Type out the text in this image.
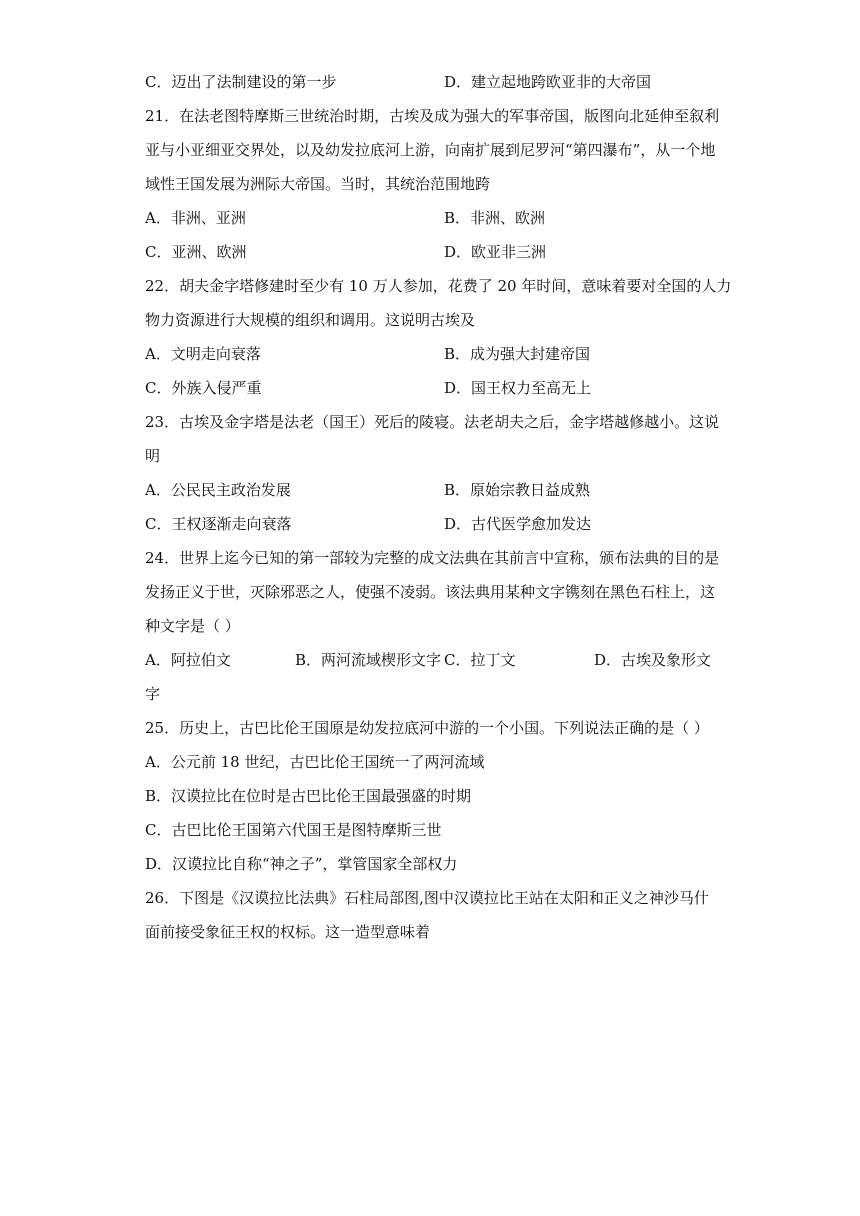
C．迈出了法制建设的第一步	D．建立起地跨欧亚非的大帝国
21．在法老图特摩斯三世统治时期，古埃及成为强大的军事帝国，版图向北延伸至叙利
亚与小亚细亚交界处，以及幼发拉底河上游，向南扩展到尼罗河“第四瀑布”，从一个地
域性王国发展为洲际大帝国。当时，其统治范围地跨
A．非洲、亚洲	B．非洲、欧洲
C．亚洲、欧洲	D．欧亚非三洲
22．胡夫金字塔修建时至少有 10 万人参加，花费了 20 年时间，意味着要对全国的人力
物力资源进行大规模的组织和调用。这说明古埃及
A．文明走向衰落	B．成为强大封建帝国
C．外族入侵严重	D．国王权力至高无上
23．古埃及金字塔是法老（国王）死后的陵寝。法老胡夫之后，金字塔越修越小。这说
明
A．公民民主政治发展	B．原始宗教日益成熟
C．王权逐渐走向衰落	D．古代医学愈加发达
24．世界上迄今已知的第一部较为完整的成文法典在其前言中宣称，颁布法典的目的是
发扬正义于世，灭除邪恶之人，使强不凌弱。该法典用某种文字镌刻在黑色石柱上，这
种文字是（ ）
A．阿拉伯文	B．两河流域楔形文字 C．拉丁文	D．古埃及象形文
字
25．历史上，古巴比伦王国原是幼发拉底河中游的一个小国。下列说法正确的是（ ）
A．公元前 18 世纪，古巴比伦王国统一了两河流域
B．汉谟拉比在位时是古巴比伦王国最强盛的时期
C．古巴比伦王国第六代国王是图特摩斯三世
D．汉谟拉比自称“神之子”，掌管国家全部权力
26．下图是《汉谟拉比法典》石柱局部图,图中汉谟拉比王站在太阳和正义之神沙马什
面前接受象征王权的权标。这一造型意味着
